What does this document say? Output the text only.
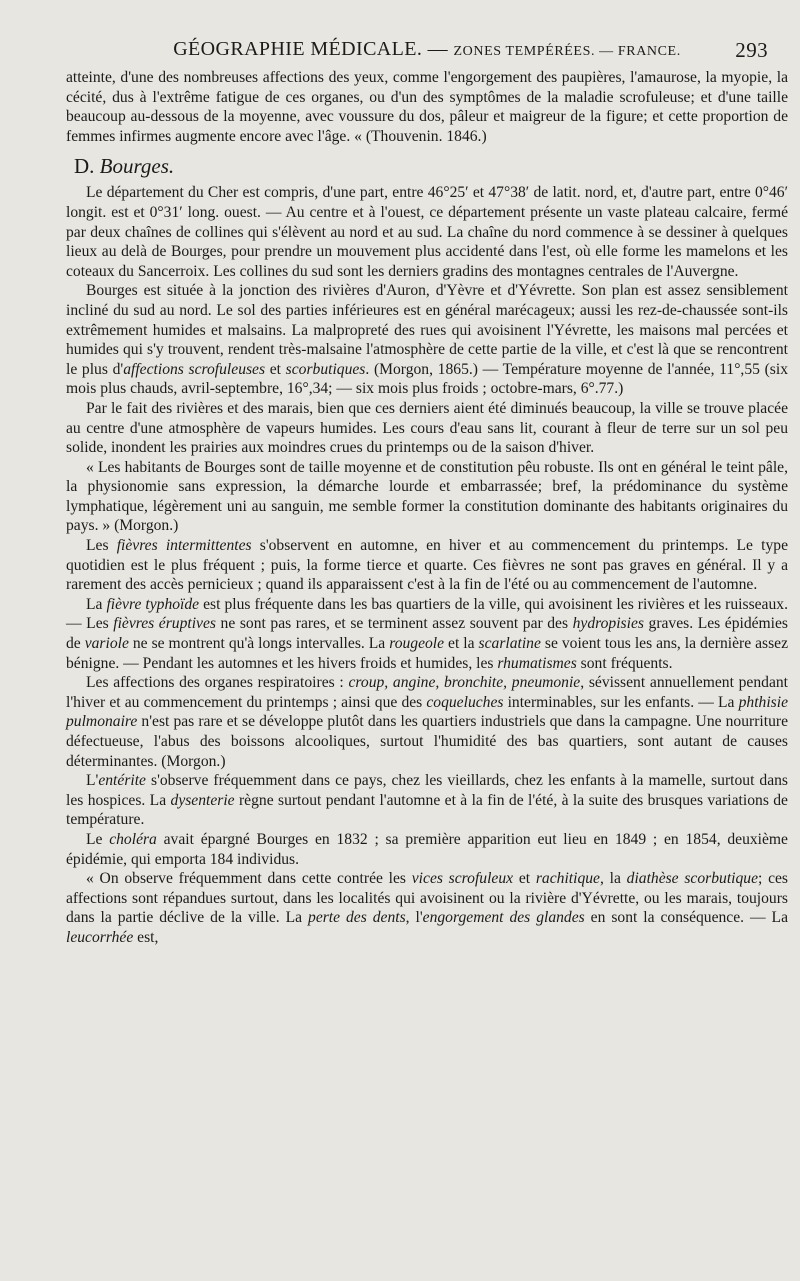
GÉOGRAPHIE MÉDICALE. — ZONES TEMPÉRÉES. — FRANCE.	293

atteinte, d'une des nombreuses affections des yeux, comme l'engorgement des paupières, l'amaurose, la myopie, la cécité, dus à l'extrême fatigue de ces organes, ou d'un des symptômes de la maladie scrofuleuse; et d'une taille beaucoup au-dessous de la moyenne, avec voussure du dos, pâleur et maigreur de la figure; et cette proportion de femmes infirmes augmente encore avec l'âge. « (Thouvenin. 1846.)

D. Bourges.

Le département du Cher est compris, d'une part, entre 46°25′ et 47°38′ de latit. nord, et, d'autre part, entre 0°46′ longit. est et 0°31′ long. ouest. — Au centre et à l'ouest, ce département présente un vaste plateau calcaire, fermé par deux chaînes de collines qui s'élèvent au nord et au sud. La chaîne du nord commence à se dessiner à quelques lieux au delà de Bourges, pour prendre un mouvement plus accidenté dans l'est, où elle forme les mamelons et les coteaux du Sancerroix. Les collines du sud sont les derniers gradins des montagnes centrales de l'Auvergne.

Bourges est située à la jonction des rivières d'Auron, d'Yèvre et d'Yévrette. Son plan est assez sensiblement incliné du sud au nord. Le sol des parties inférieures est en général marécageux; aussi les rez-de-chaussée sont-ils extrêmement humides et malsains. La malpropreté des rues qui avoisinent l'Yévrette, les maisons mal percées et humides qui s'y trouvent, rendent très-malsaine l'atmosphère de cette partie de la ville, et c'est là que se rencontrent le plus d'affections scrofuleuses et scorbutiques. (Morgon, 1865.) — Température moyenne de l'année, 11°,55 (six mois plus chauds, avril-septembre, 16°,34; — six mois plus froids ; octobre-mars, 6°.77.)

Par le fait des rivières et des marais, bien que ces derniers aient été diminués beaucoup, la ville se trouve placée au centre d'une atmosphère de vapeurs humides. Les cours d'eau sans lit, courant à fleur de terre sur un sol peu solide, inondent les prairies aux moindres crues du printemps ou de la saison d'hiver.

« Les habitants de Bourges sont de taille moyenne et de constitution pêu robuste. Ils ont en général le teint pâle, la physionomie sans expression, la démarche lourde et embarrassée; bref, la prédominance du système lymphatique, légèrement uni au sanguin, me semble former la constitution dominante des habitants originaires du pays. » (Morgon.)

Les fièvres intermittentes s'observent en automne, en hiver et au commencement du printemps. Le type quotidien est le plus fréquent ; puis, la forme tierce et quarte. Ces fièvres ne sont pas graves en général. Il y a rarement des accès pernicieux ; quand ils apparaissent c'est à la fin de l'été ou au commencement de l'automne.

La fièvre typhoïde est plus fréquente dans les bas quartiers de la ville, qui avoisinent les rivières et les ruisseaux. — Les fièvres éruptives ne sont pas rares, et se terminent assez souvent par des hydropisies graves. Les épidémies de variole ne se montrent qu'à longs intervalles. La rougeole et la scarlatine se voient tous les ans, la dernière assez bénigne. — Pendant les automnes et les hivers froids et humides, les rhumatismes sont fréquents.

Les affections des organes respiratoires : croup, angine, bronchite, pneumonie, sévissent annuellement pendant l'hiver et au commencement du printemps ; ainsi que des coqueluches interminables, sur les enfants. — La phthisie pulmonaire n'est pas rare et se développe plutôt dans les quartiers industriels que dans la campagne. Une nourriture défectueuse, l'abus des boissons alcooliques, surtout l'humidité des bas quartiers, sont autant de causes déterminantes. (Morgon.)

L'entérite s'observe fréquemment dans ce pays, chez les vieillards, chez les enfants à la mamelle, surtout dans les hospices. La dysenterie règne surtout pendant l'automne et à la fin de l'été, à la suite des brusques variations de température.

Le choléra avait épargné Bourges en 1832 ; sa première apparition eut lieu en 1849 ; en 1854, deuxième épidémie, qui emporta 184 individus.

« On observe fréquemment dans cette contrée les vices scrofuleux et rachitique, la diathèse scorbutique; ces affections sont répandues surtout, dans les localités qui avoisinent ou la rivière d'Yévrette, ou les marais, toujours dans la partie déclive de la ville. La perte des dents, l'engorgement des glandes en sont la conséquence. — La leucorrhée est,
